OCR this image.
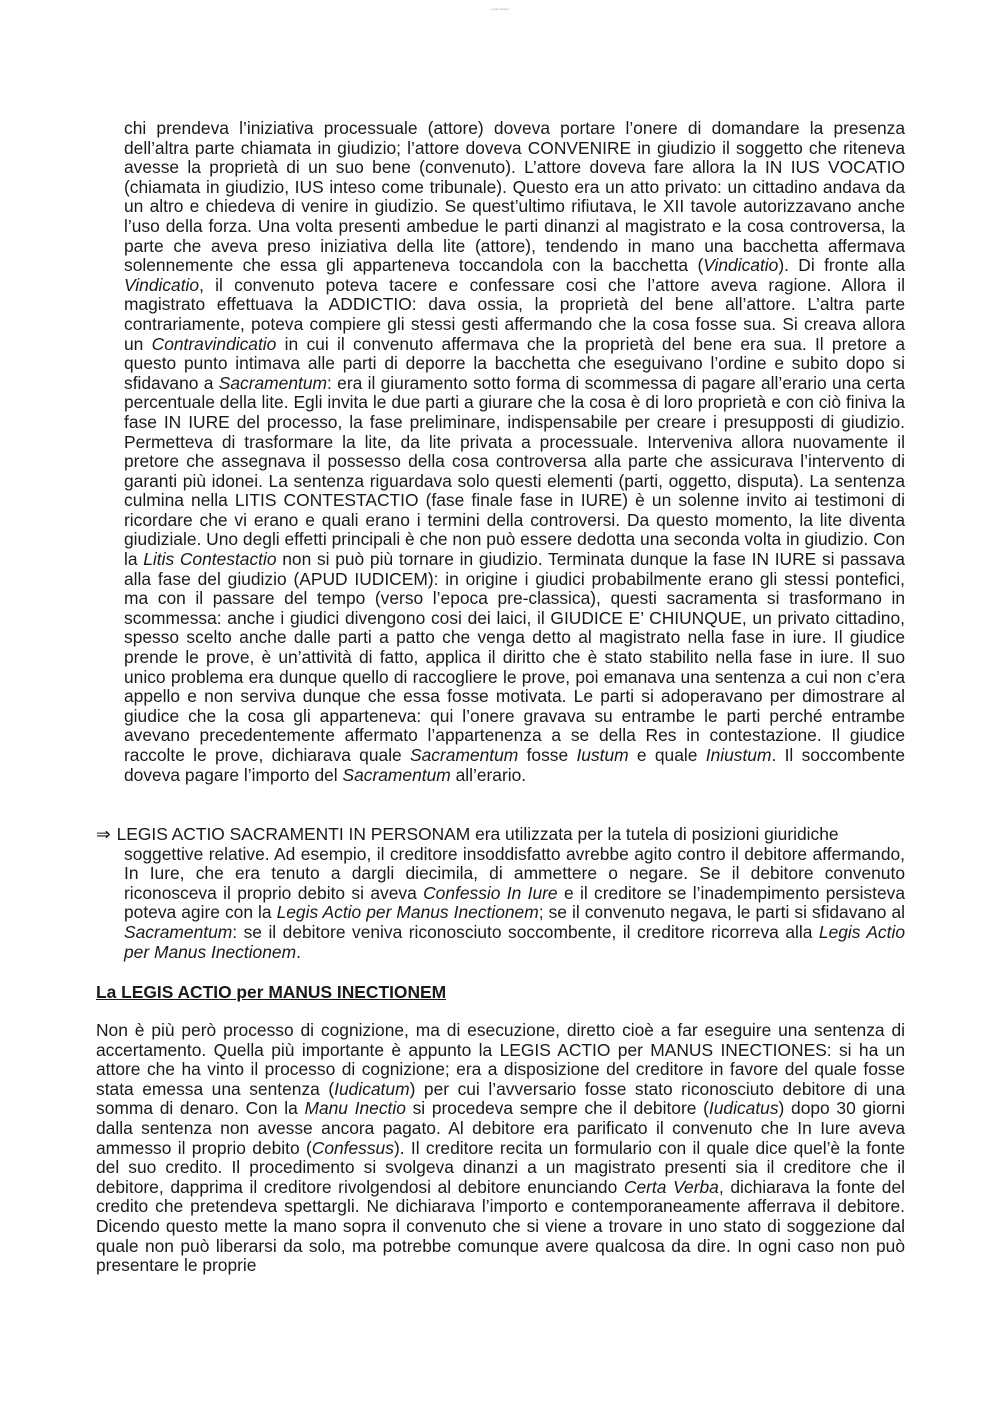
Lorem Ipsum

chi prendeva l’iniziativa processuale (attore) doveva portare l’onere di domandare la presenza dell’altra parte chiamata in giudizio; l’attore doveva CONVENIRE in giudizio il soggetto che riteneva avesse la proprietà di un suo bene (convenuto). L’attore doveva fare allora la IN IUS VOCATIO (chiamata in giudizio, IUS inteso come tribunale). Questo era un atto privato: un cittadino andava da un altro e chiedeva di venire in giudizio. Se quest’ultimo rifiutava, le XII tavole autorizzavano anche l’uso della forza. Una volta presenti ambedue le parti dinanzi al magistrato e la cosa controversa, la parte che aveva preso iniziativa della lite (attore), tendendo in mano una bacchetta affermava solennemente che essa gli apparteneva toccandola con la bacchetta (Vindicatio). Di fronte alla Vindicatio, il convenuto poteva tacere e confessare cosi che l’attore aveva ragione. Allora il magistrato effettuava la ADDICTIO: dava ossia, la proprietà del bene all’attore. L’altra parte contrariamente, poteva compiere gli stessi gesti affermando che la cosa fosse sua. Si creava allora un Contravindicatio in cui il convenuto affermava che la proprietà del bene era sua. Il pretore a questo punto intimava alle parti di deporre la bacchetta che eseguivano l’ordine e subito dopo si sfidavano a Sacramentum: era il giuramento sotto forma di scommessa di pagare all’erario una certa percentuale della lite. Egli invita le due parti a giurare che la cosa è di loro proprietà e con ciò finiva la fase IN IURE del processo, la fase preliminare, indispensabile per creare i presupposti di giudizio. Permetteva di trasformare la lite, da lite privata a processuale. Interveniva allora nuovamente il pretore che assegnava il possesso della cosa controversa alla parte che assicurava l’intervento di garanti più idonei. La sentenza riguardava solo questi elementi (parti, oggetto, disputa). La sentenza culmina nella LITIS CONTESTACTIO (fase finale fase in IURE) è un solenne invito ai testimoni di ricordare che vi erano e quali erano i termini della controversi. Da questo momento, la lite diventa giudiziale. Uno degli effetti principali è che non può essere dedotta una seconda volta in giudizio. Con la Litis Contestactio non si può più tornare in giudizio. Terminata dunque la fase IN IURE si passava alla fase del giudizio (APUD IUDICEM): in origine i giudici probabilmente erano gli stessi pontefici, ma con il passare del tempo (verso l’epoca pre-classica), questi sacramenta si trasformano in scommessa: anche i giudici divengono cosi dei laici, il GIUDICE E’ CHIUNQUE, un privato cittadino, spesso scelto anche dalle parti a patto che venga detto al magistrato nella fase in iure. Il giudice prende le prove, è un’attività di fatto, applica il diritto che è stato stabilito nella fase in iure. Il suo unico problema era dunque quello di raccogliere le prove, poi emanava una sentenza a cui non c’era appello e non serviva dunque che essa fosse motivata. Le parti si adoperavano per dimostrare al giudice che la cosa gli apparteneva: qui l’onere gravava su entrambe le parti perché entrambe avevano precedentemente affermato l’appartenenza a se della Res in contestazione. Il giudice raccolte le prove, dichiarava quale Sacramentum fosse Iustum e quale Iniustum. Il soccombente doveva pagare l’importo del Sacramentum all’erario.

⇒ LEGIS ACTIO SACRAMENTI IN PERSONAM era utilizzata per la tutela di posizioni giuridiche
soggettive relative. Ad esempio, il creditore insoddisfatto avrebbe agito contro il debitore affermando, In Iure, che era tenuto a dargli diecimila, di ammettere o negare. Se il debitore convenuto riconosceva il proprio debito si aveva Confessio In Iure e il creditore se l’inadempimento persisteva poteva agire con la Legis Actio per Manus Inectionem; se il convenuto negava, le parti si sfidavano al Sacramentum: se il debitore veniva riconosciuto soccombente, il creditore ricorreva alla Legis Actio per Manus Inectionem.

La LEGIS ACTIO per MANUS INECTIONEM

Non è più però processo di cognizione, ma di esecuzione, diretto cioè a far eseguire una sentenza di accertamento. Quella più importante è appunto la LEGIS ACTIO per MANUS INECTIONES: si ha un attore che ha vinto il processo di cognizione; era a disposizione del creditore in favore del quale fosse stata emessa una sentenza (Iudicatum) per cui l’avversario fosse stato riconosciuto debitore di una somma di denaro. Con la Manu Inectio si procedeva sempre che il debitore (Iudicatus) dopo 30 giorni dalla sentenza non avesse ancora pagato. Al debitore era parificato il convenuto che In Iure aveva ammesso il proprio debito (Confessus). Il creditore recita un formulario con il quale dice quel’è la fonte del suo credito. Il procedimento si svolgeva dinanzi a un magistrato presenti sia il creditore che il debitore, dapprima il creditore rivolgendosi al debitore enunciando Certa Verba, dichiarava la fonte del credito che pretendeva spettargli. Ne dichiarava l’importo e contemporaneamente afferrava il debitore. Dicendo questo mette la mano sopra il convenuto che si viene a trovare in uno stato di soggezione dal quale non può liberarsi da solo, ma potrebbe comunque avere qualcosa da dire. In ogni caso non può presentare le proprie
